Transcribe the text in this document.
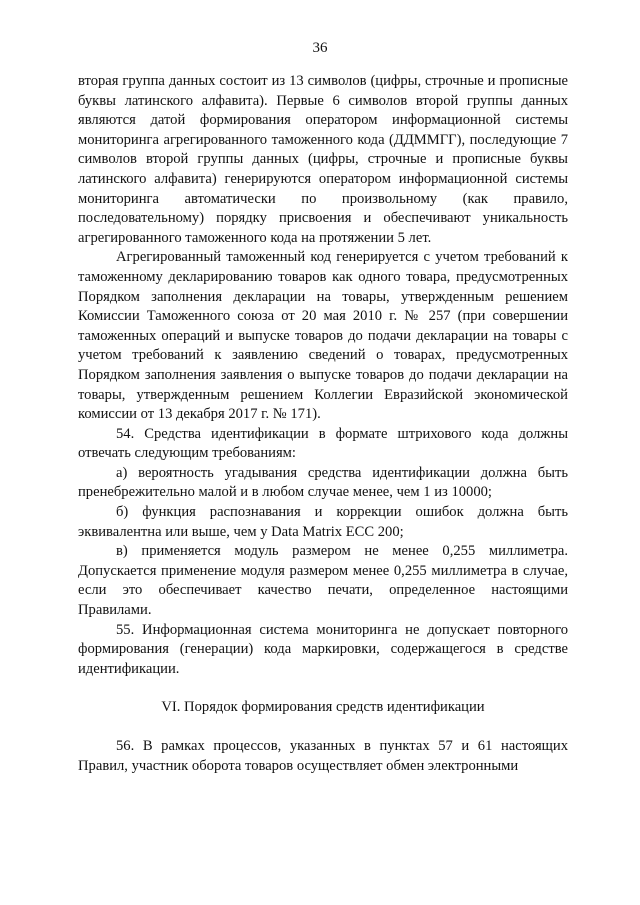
36

вторая группа данных состоит из 13 символов (цифры, строчные и прописные буквы латинского алфавита). Первые 6 символов второй группы данных являются датой формирования оператором информационной системы мониторинга агрегированного таможенного кода (ДДММГГ), последующие 7 символов второй группы данных (цифры, строчные и прописные буквы латинского алфавита) генерируются оператором информационной системы мониторинга автоматически по произвольному (как правило, последовательному) порядку присвоения и обеспечивают уникальность агрегированного таможенного кода на протяжении 5 лет.

Агрегированный таможенный код генерируется с учетом требований к таможенному декларированию товаров как одного товара, предусмотренных Порядком заполнения декларации на товары, утвержденным решением Комиссии Таможенного союза от 20 мая 2010 г. № 257 (при совершении таможенных операций и выпуске товаров до подачи декларации на товары с учетом требований к заявлению сведений о товарах, предусмотренных Порядком заполнения заявления о выпуске товаров до подачи декларации на товары, утвержденным решением Коллегии Евразийской экономической комиссии от 13 декабря 2017 г. № 171).

54. Средства идентификации в формате штрихового кода должны отвечать следующим требованиям:

а) вероятность угадывания средства идентификации должна быть пренебрежительно малой и в любом случае менее, чем 1 из 10000;

б) функция распознавания и коррекции ошибок должна быть эквивалентна или выше, чем у Data Matrix ECC 200;

в) применяется модуль размером не менее 0,255 миллиметра. Допускается применение модуля размером менее 0,255 миллиметра в случае, если это обеспечивает качество печати, определенное настоящими Правилами.

55. Информационная система мониторинга не допускает повторного формирования (генерации) кода маркировки, содержащегося в средстве идентификации.

VI. Порядок формирования средств идентификации

56. В рамках процессов, указанных в пунктах 57 и 61 настоящих Правил, участник оборота товаров осуществляет обмен электронными
